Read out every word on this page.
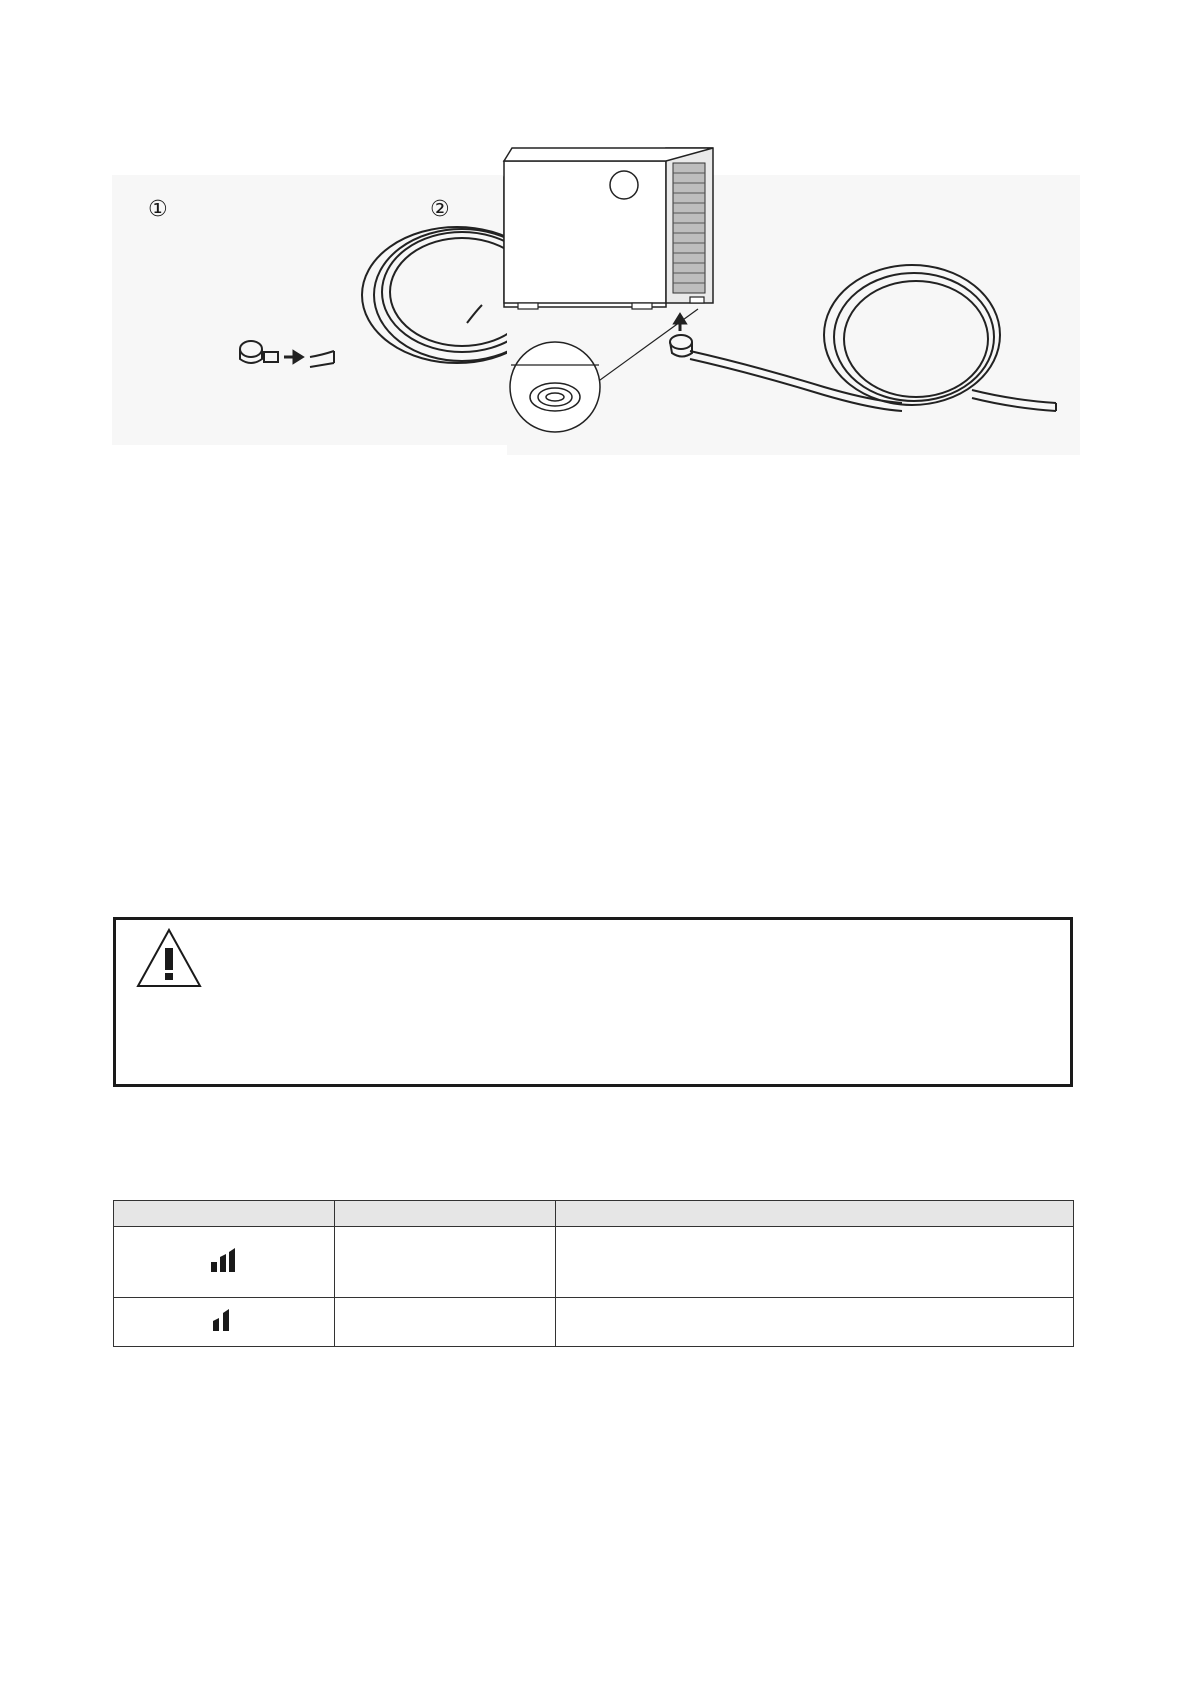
①	②
